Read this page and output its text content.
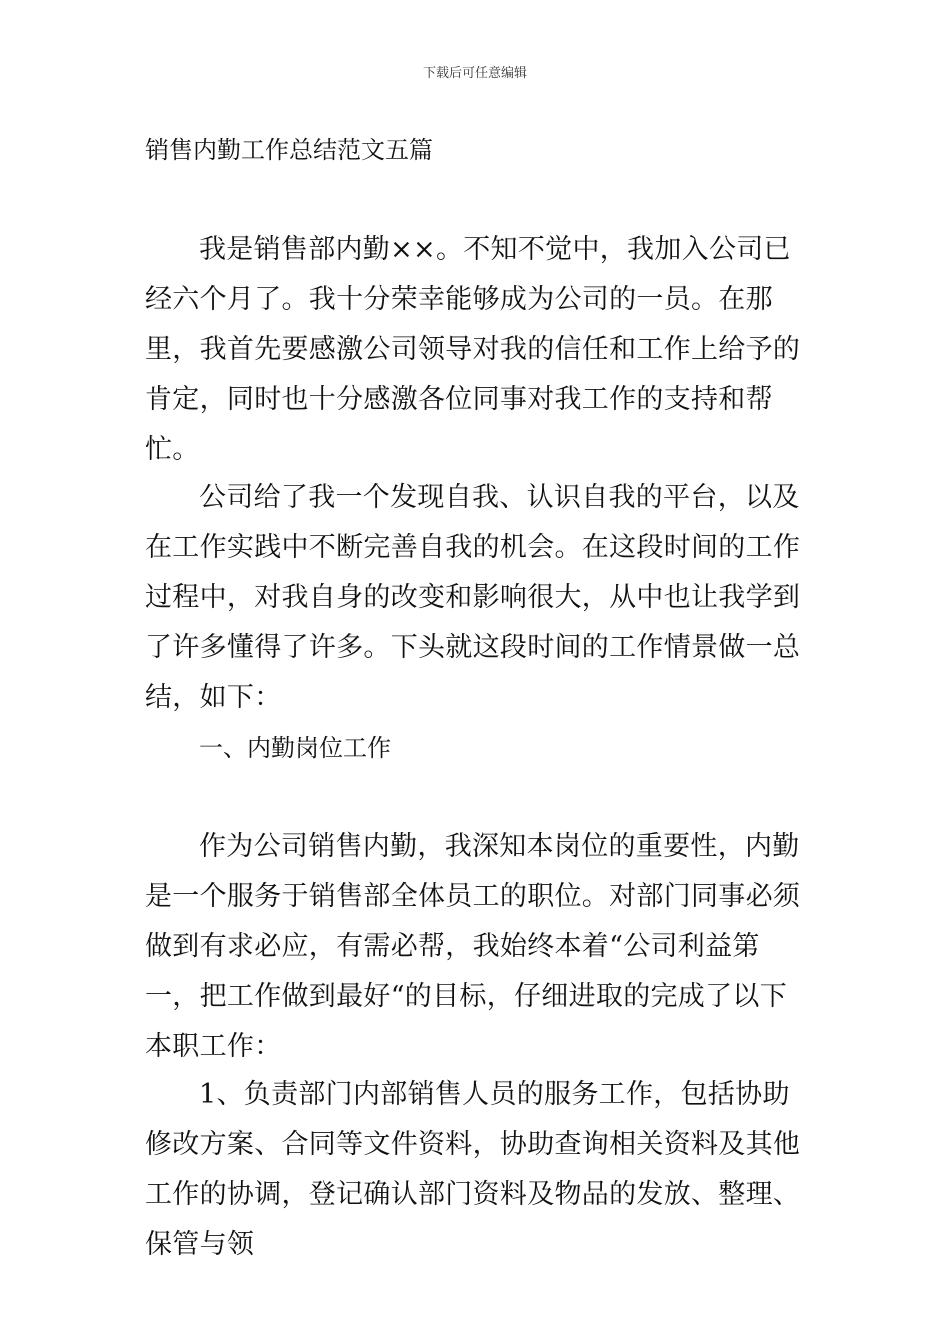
下载后可任意编辑
销售内勤工作总结范文五篇

我是销售部内勤××。不知不觉中，我加入公司已经六个月了。我十分荣幸能够成为公司的一员。在那里，我首先要感激公司领导对我的信任和工作上给予的肯定，同时也十分感激各位同事对我工作的支持和帮忙。

公司给了我一个发现自我、认识自我的平台，以及在工作实践中不断完善自我的机会。在这段时间的工作过程中，对我自身的改变和影响很大，从中也让我学到了许多懂得了许多。下头就这段时间的工作情景做一总结，如下：

一、内勤岗位工作

作为公司销售内勤，我深知本岗位的重要性，内勤是一个服务于销售部全体员工的职位。对部门同事必须做到有求必应，有需必帮，我始终本着“公司利益第一，把工作做到最好“的目标，仔细进取的完成了以下本职工作：

1、负责部门内部销售人员的服务工作，包括协助修改方案、合同等文件资料，协助查询相关资料及其他工作的协调，登记确认部门资料及物品的发放、整理、保管与领
